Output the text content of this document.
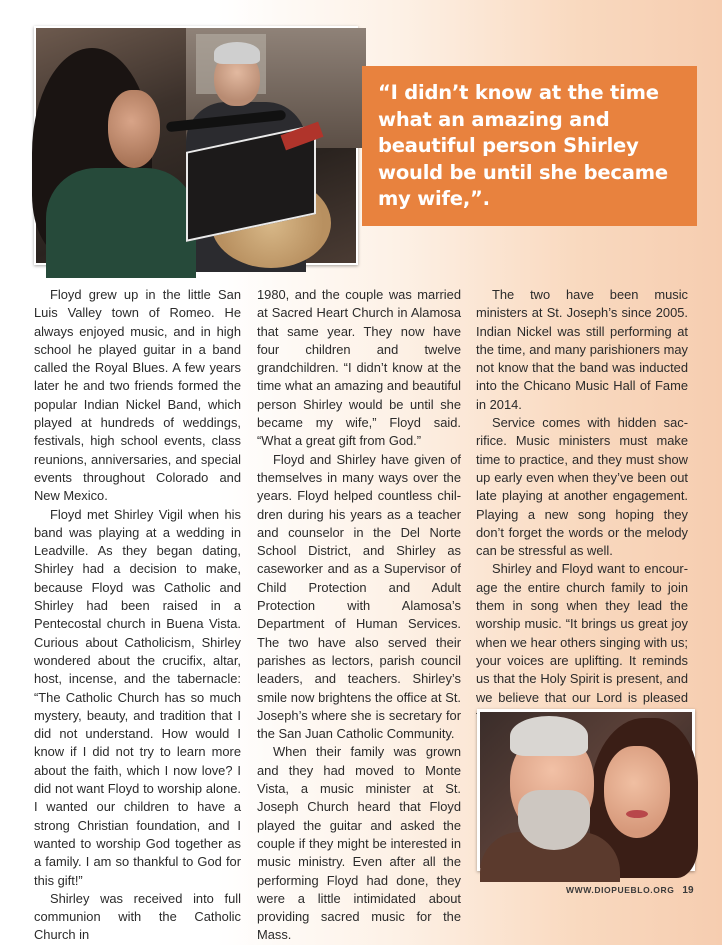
“I didn’t know at the time what an amazing and beautiful person Shirley would be until she became my wife,”.

Floyd grew up in the little San Luis Valley town of Romeo. He always enjoyed music, and in high school he played guitar in a band called the Royal Blues. A few years later he and two friends formed the popular Indian Nickel Band, which played at hundreds of weddings, festivals, high school events, class reunions, anniversaries, and special events throughout Colorado and New Mexico.

Floyd met Shirley Vigil when his band was playing at a wedding in Leadville. As they began dating, Shirley had a decision to make, because Floyd was Catholic and Shirley had been raised in a Pentecostal church in Buena Vista. Curious about Catholicism, Shirley wondered about the crucifix, altar, host, incense, and the tabernacle: “The Catholic Church has so much mystery, beauty, and tradition that I did not understand. How would I know if I did not try to learn more about the faith, which I now love? I did not want Floyd to worship alone. I wanted our children to have a strong Christian foundation, and I wanted to worship God together as a family. I am so thankful to God for this gift!”

Shirley was received into full communion with the Catholic Church in

1980, and the couple was married at Sacred Heart Church in Alamosa that same year. They now have four children and twelve grandchildren. “I didn’t know at the time what an amazing and beautiful person Shirley would be until she became my wife,” Floyd said. “What a great gift from God.”

Floyd and Shirley have given of themselves in many ways over the years. Floyd helped countless children during his years as a teacher and counselor in the Del Norte School District, and Shirley as caseworker and as a Supervisor of Child Protection and Adult Protection with Alamosa’s Department of Human Services. The two have also served their parishes as lectors, parish council leaders, and teachers. Shirley’s smile now brightens the office at St. Joseph’s where she is secretary for the San Juan Catholic Community.

When their family was grown and they had moved to Monte Vista, a music minister at St. Joseph Church heard that Floyd played the guitar and asked the couple if they might be interested in music ministry. Even after all the performing Floyd had done, they were a little intimidated about providing sacred music for the Mass.

The two have been music ministers at St. Joseph’s since 2005. Indian Nickel was still performing at the time, and many parishioners may not know that the band was inducted into the Chicano Music Hall of Fame in 2014.

Service comes with hidden sacrifice. Music ministers must make time to practice, and they must show up early even when they’ve been out late playing at another engagement. Playing a new song hoping they don’t forget the words or the melody can be stressful as well.

Shirley and Floyd want to encourage the entire church family to join them in song when they lead the worship music. “It brings us great joy when we hear others singing with us; your voices are uplifting. It reminds us that the Holy Spirit is present, and we believe that our Lord is pleased

WWW.DIOPUEBLO.ORG 19
